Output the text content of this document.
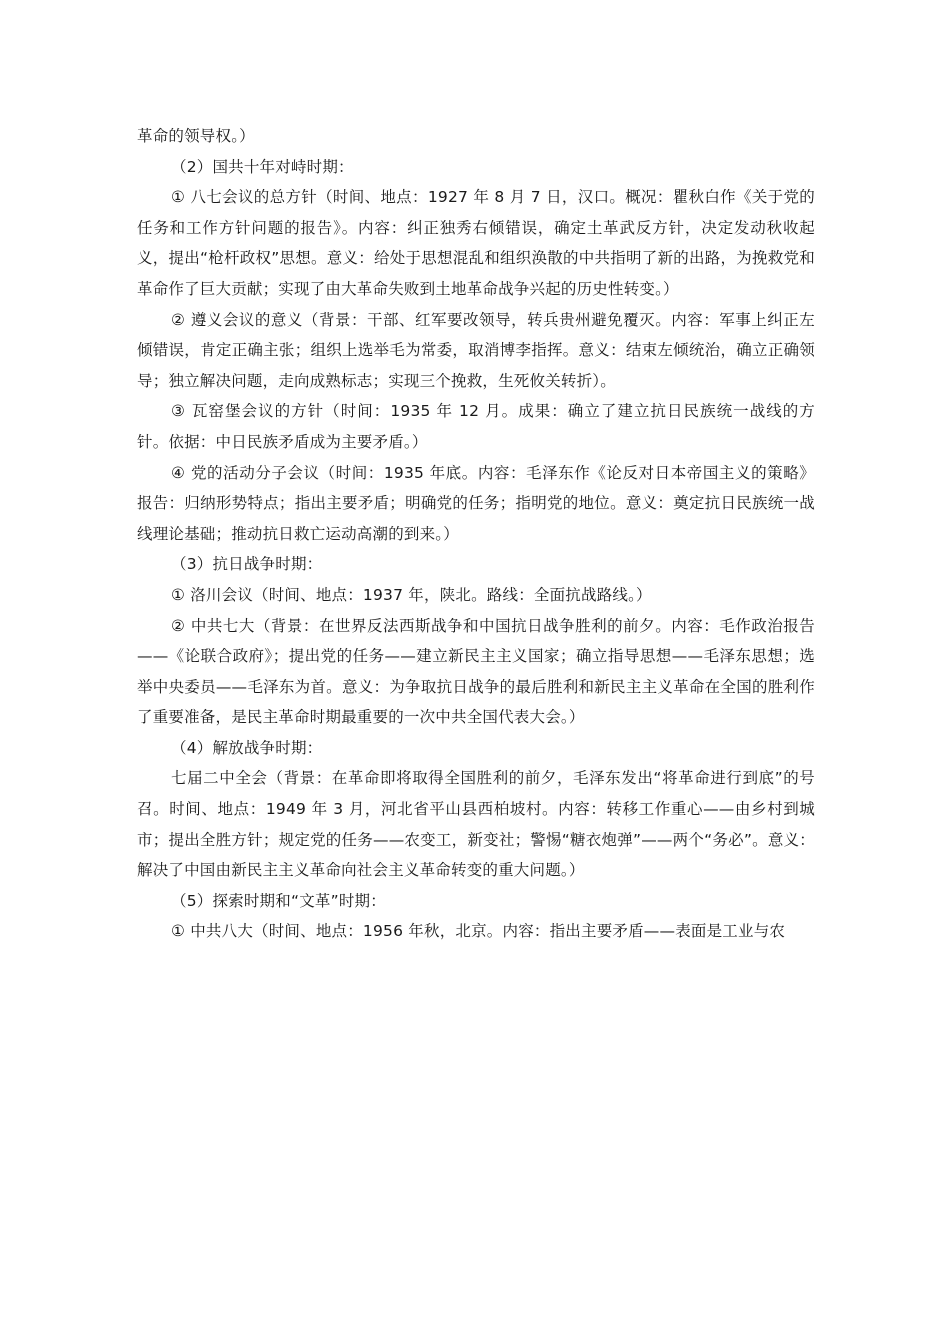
革命的领导权。）

（2）国共十年对峙时期：

① 八七会议的总方针（时间、地点：1927 年 8 月 7 日，汉口。概况：瞿秋白作《关于党的任务和工作方针问题的报告》。内容：纠正独秀右倾错误，确定土革武反方针，决定发动秋收起义，提出“枪杆政权”思想。意义：给处于思想混乱和组织涣散的中共指明了新的出路，为挽救党和革命作了巨大贡献；实现了由大革命失败到土地革命战争兴起的历史性转变。）

② 遵义会议的意义（背景：干部、红军要改领导，转兵贵州避免覆灭。内容：军事上纠正左倾错误，肯定正确主张；组织上选举毛为常委，取消博李指挥。意义：结束左倾统治，确立正确领导；独立解决问题，走向成熟标志；实现三个挽救，生死攸关转折）。

③ 瓦窑堡会议的方针（时间：1935 年 12 月。成果：确立了建立抗日民族统一战线的方针。依据：中日民族矛盾成为主要矛盾。）

④ 党的活动分子会议（时间：1935 年底。内容：毛泽东作《论反对日本帝国主义的策略》报告：归纳形势特点；指出主要矛盾；明确党的任务；指明党的地位。意义：奠定抗日民族统一战线理论基础；推动抗日救亡运动高潮的到来。）

（3）抗日战争时期：

① 洛川会议（时间、地点：1937 年，陕北。路线：全面抗战路线。）

② 中共七大（背景：在世界反法西斯战争和中国抗日战争胜利的前夕。内容：毛作政治报告——《论联合政府》；提出党的任务——建立新民主主义国家；确立指导思想——毛泽东思想；选举中央委员——毛泽东为首。意义：为争取抗日战争的最后胜利和新民主主义革命在全国的胜利作了重要准备，是民主革命时期最重要的一次中共全国代表大会。）

（4）解放战争时期：

七届二中全会（背景：在革命即将取得全国胜利的前夕，毛泽东发出“将革命进行到底”的号召。时间、地点：1949 年 3 月，河北省平山县西柏坡村。内容：转移工作重心——由乡村到城市；提出全胜方针；规定党的任务——农变工，新变社；警惕“糖衣炮弹”——两个“务必”。意义：解决了中国由新民主主义革命向社会主义革命转变的重大问题。）

（5）探索时期和“文革”时期：

① 中共八大（时间、地点：1956 年秋，北京。内容：指出主要矛盾——表面是工业与农
